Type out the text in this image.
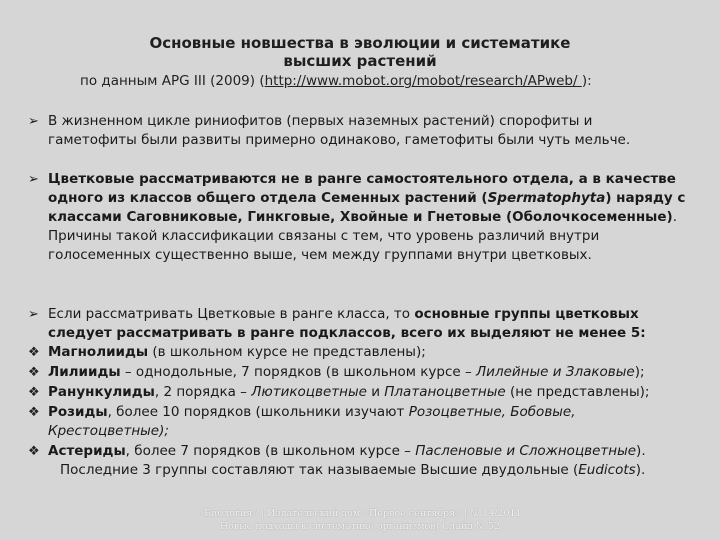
Основные новшества в эволюции и систематике
высших растений
по данным APG III (2009) (http://www.mobot.org/mobot/research/APweb/ ):
➢ В жизненном цикле риниофитов (первых наземных растений) спорофиты и
гаметофиты были развиты примерно одинаково, гаметофиты были чуть мельче.
➢ Цветковые рассматриваются не в ранге самостоятельного отдела, а в качестве одного из классов общего отдела Семенных растений (Spermatophyta) наряду с классами Саговниковые, Гинкговые, Хвойные и Гнетовые (Оболочкосеменные). Причины такой классификации связаны с тем, что уровень различий внутри голосеменных существенно выше, чем между группами внутри цветковых.
➢ Если рассматривать Цветковые в ранге класса, то основные группы цветковых следует рассматривать в ранге подклассов, всего их выделяют не менее 5:
❖ Магнолииды (в школьном курсе не представлены);
❖ Лилииды – однодольные, 7 порядков (в школьном курсе – Лилейные и Злаковые);
❖ Ранункулиды, 2 порядка – Лютикоцветные и Платаноцветные (не представлены);
❖ Розиды, более 10 порядков (школьники изучают Розоцветные, Бобовые,
Крестоцветные);
❖ Астериды, более 7 порядков (в школьном курсе – Пасленовые и Сложноцветные).
Последние 3 группы составляют так называемые Высшие двудольные (Eudicots).
«Биология» | Издательский дом «Первое сентября» | № 14/2011
Новые подходы к систематике организмов| Слайд № 52
